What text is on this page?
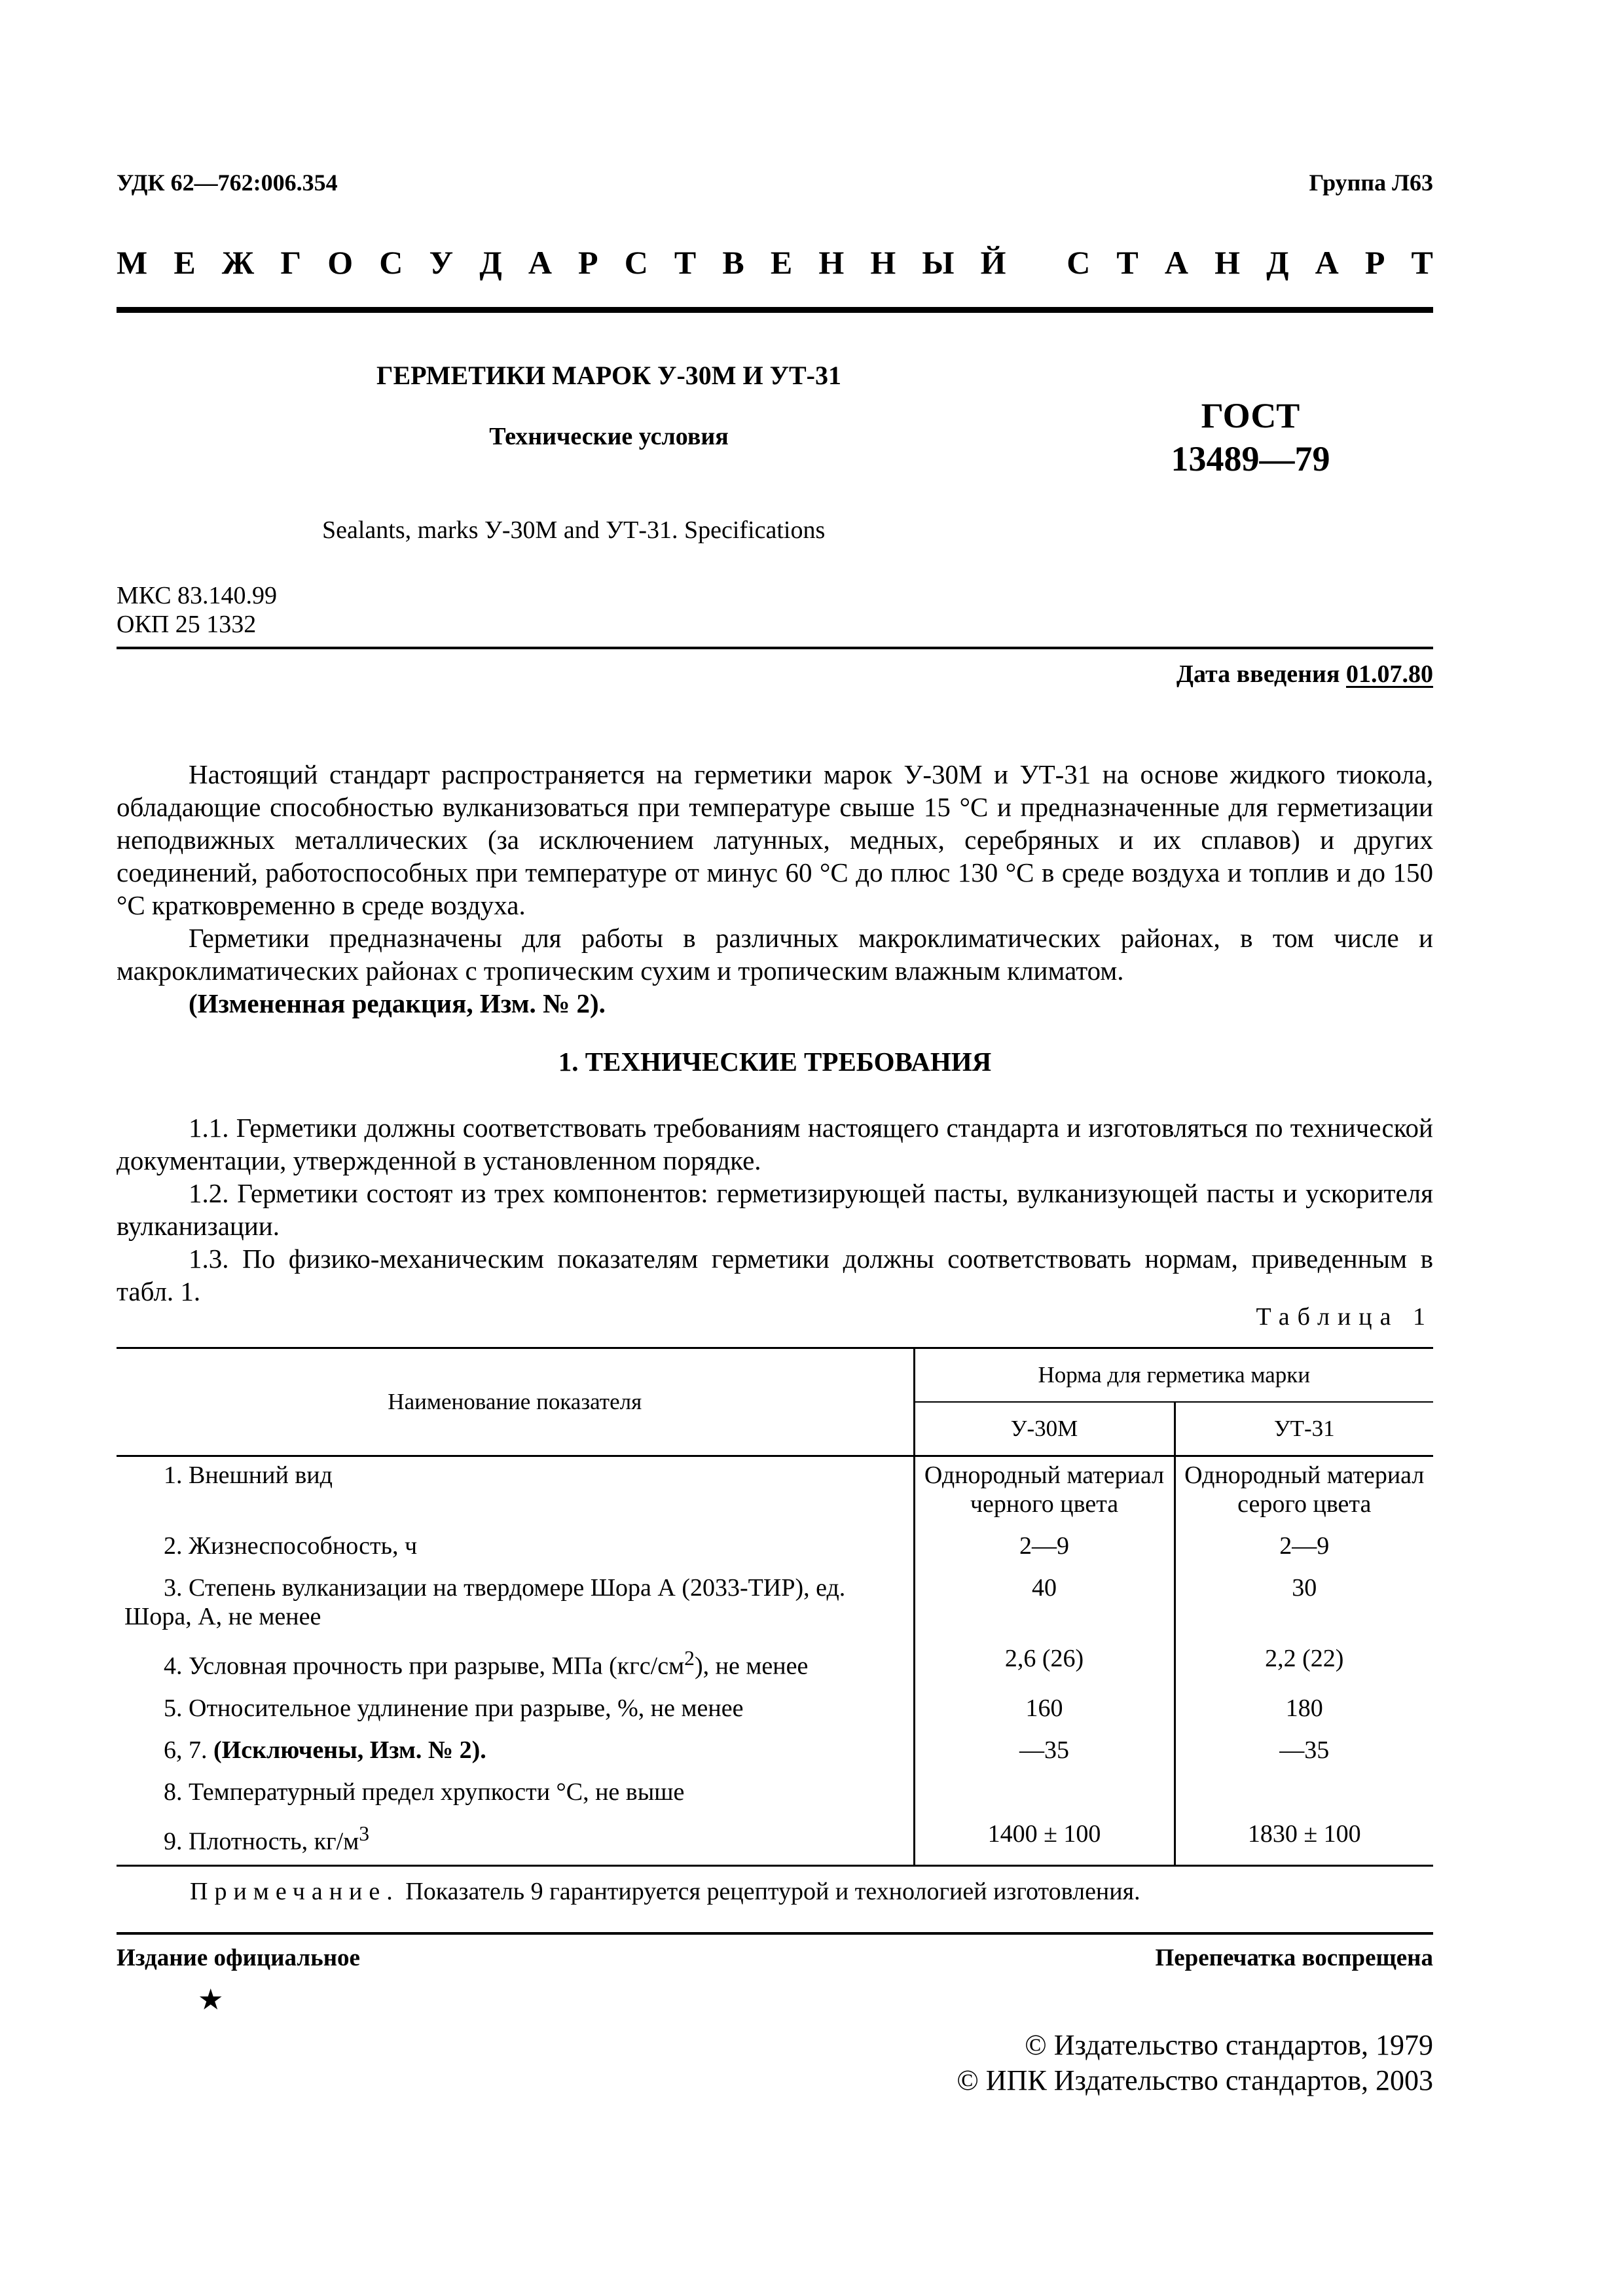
УДК 62—762:006.354	Группа Л63
М Е Ж Г О С У Д А Р С Т В Е Н Н Ы Й
С Т А Н Д А Р Т
ГЕРМЕТИКИ МАРОК У-30М И УТ-31
Технические условия
ГОСТ
13489—79
Sealants, marks У-30М and УТ-31. Specifications
МКС 83.140.99
ОКП 25 1332
Дата введения 01.07.80

Настоящий стандарт распространяется на герметики марок У-30М и УТ-31 на основе жидкого тиокола, обладающие способностью вулканизоваться при температуре свыше 15 °С и предназначенные для герметизации неподвижных металлических (за исключением латунных, медных, серебряных и их сплавов) и других соединений, работоспособных при температуре от минус 60 °С до плюс 130 °С в среде воздуха и топлив и до 150 °С кратковременно в среде воздуха.

Герметики предназначены для работы в различных макроклиматических районах, в том числе и макроклиматических районах с тропическим сухим и тропическим влажным климатом.

(Измененная редакция, Изм. № 2).

1. ТЕХНИЧЕСКИЕ ТРЕБОВАНИЯ

1.1. Герметики должны соответствовать требованиям настоящего стандарта и изготовляться по технической документации, утвержденной в установленном порядке.

1.2. Герметики состоят из трех компонентов: герметизирующей пасты, вулканизующей пасты и ускорителя вулканизации.

1.3. По физико-механическим показателям герметики должны соответствовать нормам, приведенным в табл. 1.

Таблица 1
Наименование показателя	Норма для герметика марки	
	У-30М	УТ-31
1. Внешний вид	Однородный материал черного цвета	Однородный материал серого цвета
2. Жизнеспособность, ч	2—9	2—9
3. Степень вулканизации на твердомере Шора А (2033-ТИР), ед. Шора, А, не менее	40	30
4. Условная прочность при разрыве, МПа $(кгс/см^2)$, не менее	2,6 (26)	2,2 (22)
5. Относительное удлинение при разрыве, %, не менее	160	180
6, 7. (Исключены, Изм. № 2).	—35	—35
8. Температурный предел хрупкости °С, не выше		
9. Плотность, $кг/м^3$	1400 ± 100	1830 ± 100
Примечание. Показатель 9 гарантируется рецептурой и технологией изготовления.
Издание официальное	Перепечатка воспрещена
★
© Издательство стандартов, 1979
© ИПК Издательство стандартов, 2003
